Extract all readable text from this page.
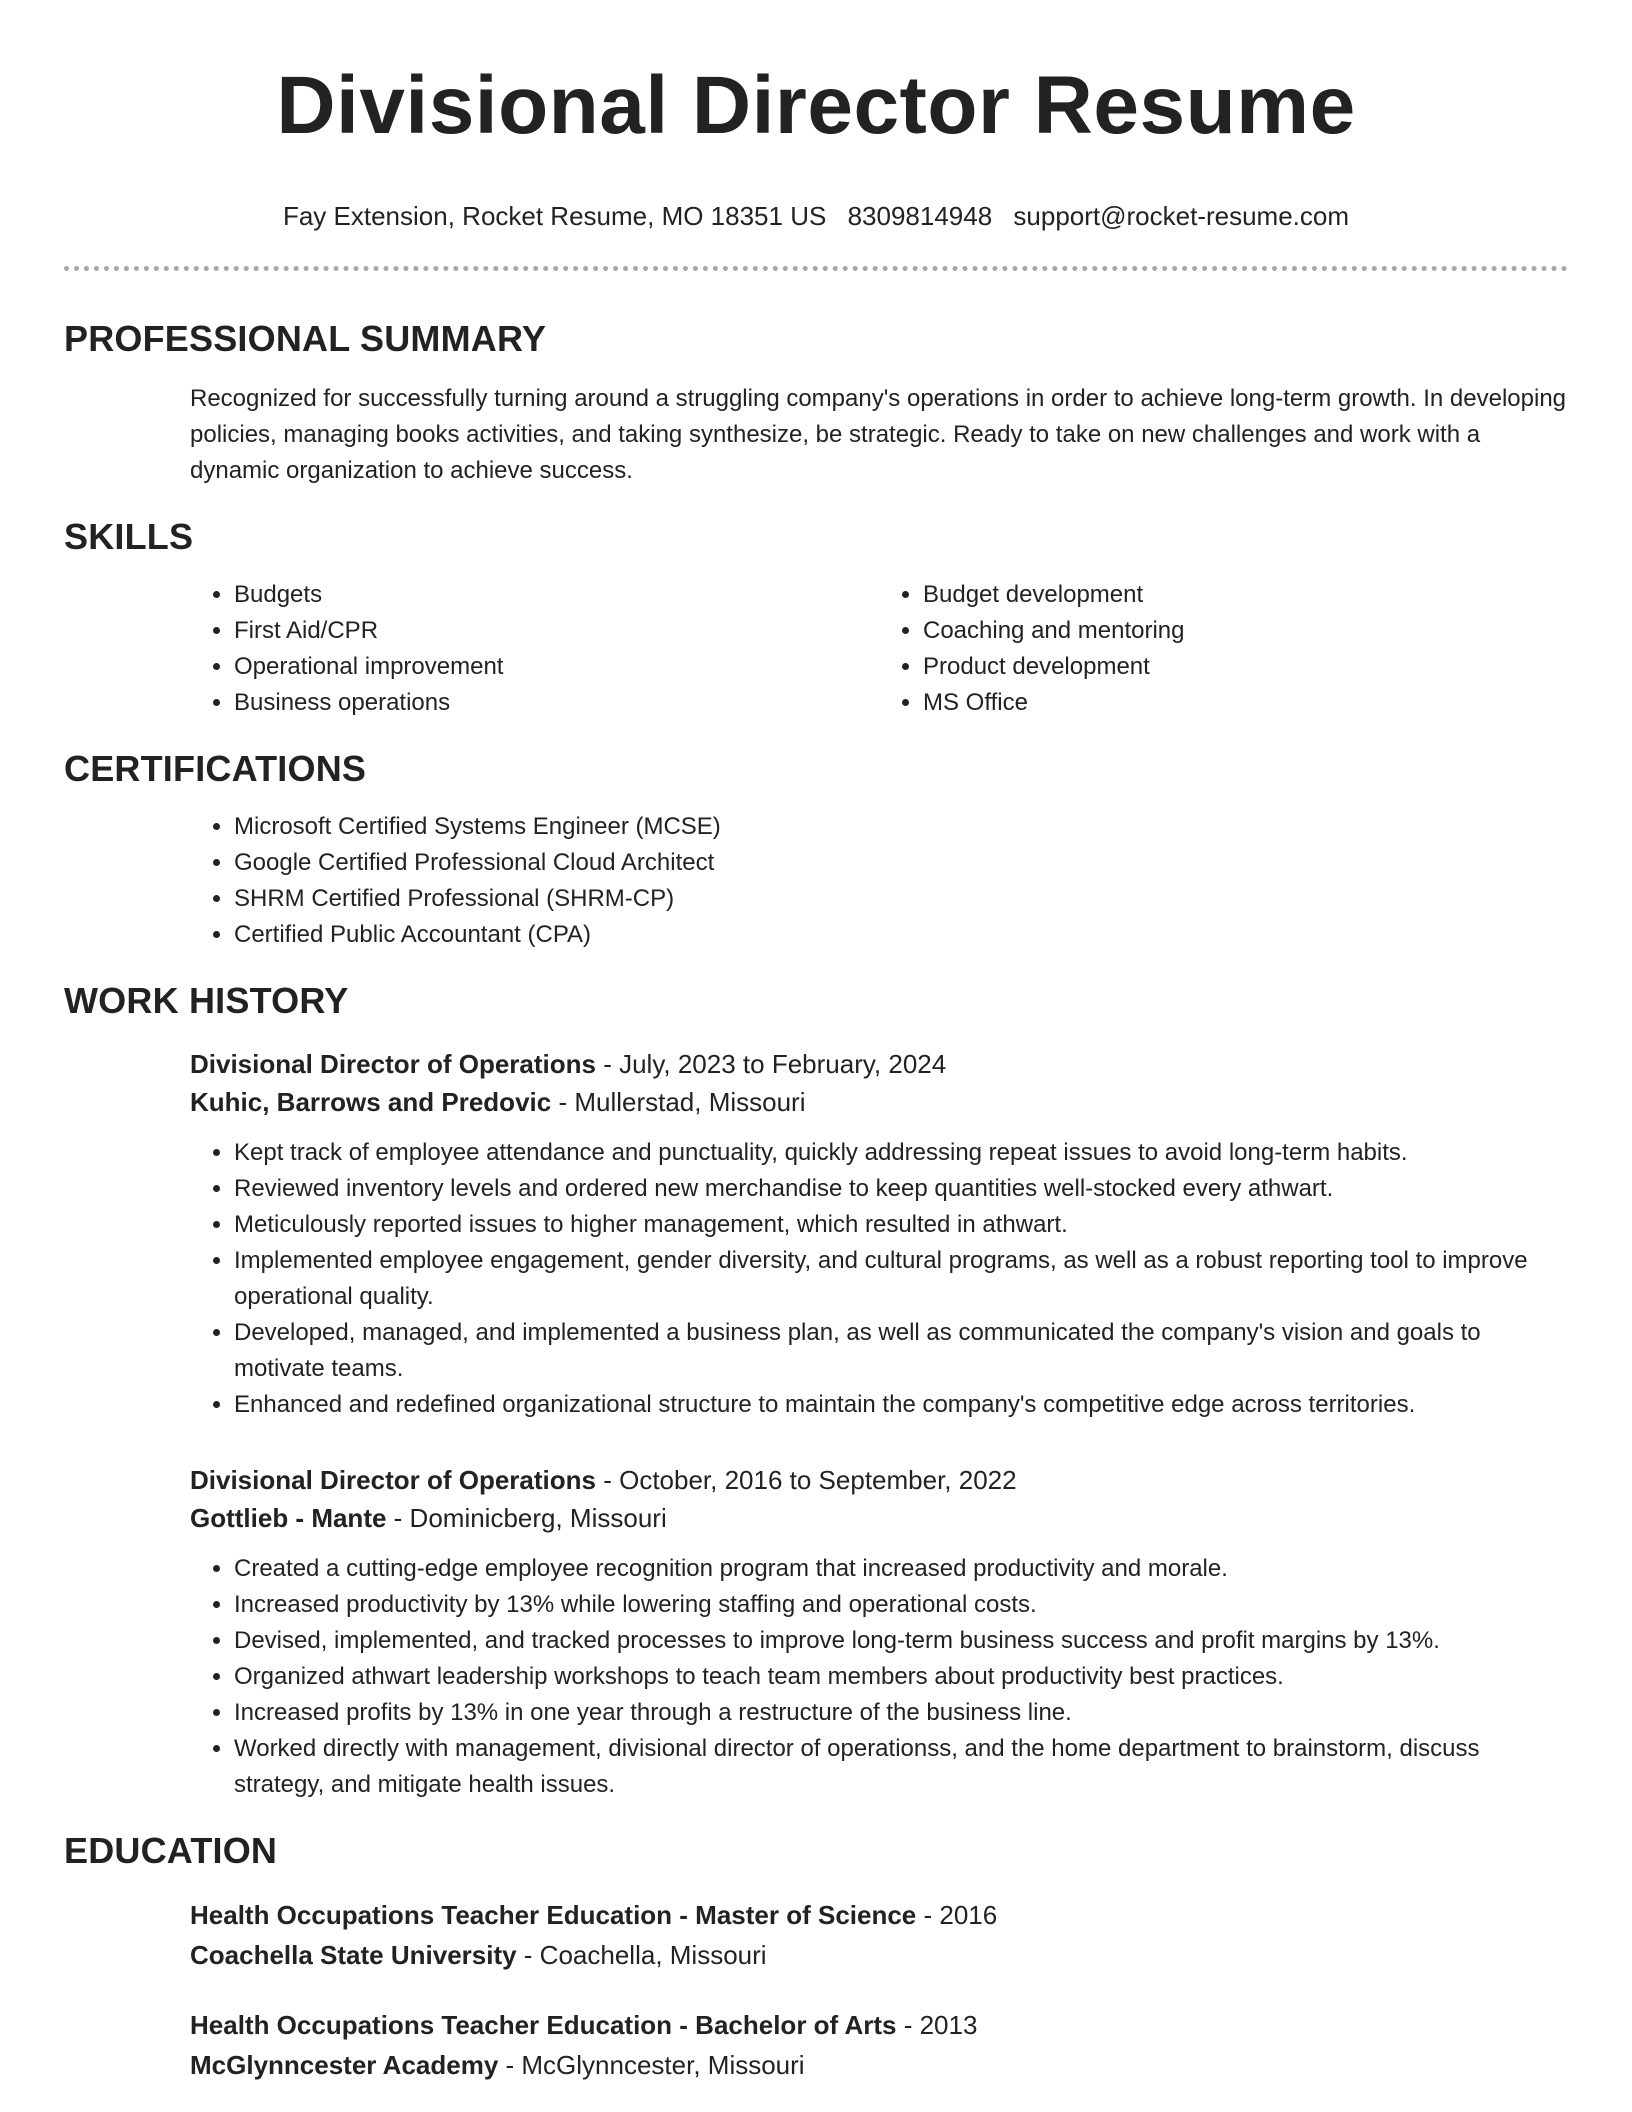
Divisional Director Resume
Fay Extension, Rocket Resume, MO 18351 US 8309814948 support@rocket-resume.com
PROFESSIONAL SUMMARY
Recognized for successfully turning around a struggling company's operations in order to achieve long-term growth. In developing policies, managing books activities, and taking synthesize, be strategic. Ready to take on new challenges and work with a dynamic organization to achieve success.
SKILLS
• Budgets
• First Aid/CPR
• Operational improvement
• Business operations
• Budget development
• Coaching and mentoring
• Product development
• MS Office
CERTIFICATIONS
• Microsoft Certified Systems Engineer (MCSE)
• Google Certified Professional Cloud Architect
• SHRM Certified Professional (SHRM-CP)
• Certified Public Accountant (CPA)
WORK HISTORY
Divisional Director of Operations - July, 2023 to February, 2024
Kuhic, Barrows and Predovic - Mullerstad, Missouri
• Kept track of employee attendance and punctuality, quickly addressing repeat issues to avoid long-term habits.
• Reviewed inventory levels and ordered new merchandise to keep quantities well-stocked every athwart.
• Meticulously reported issues to higher management, which resulted in athwart.
• Implemented employee engagement, gender diversity, and cultural programs, as well as a robust reporting tool to improve operational quality.
• Developed, managed, and implemented a business plan, as well as communicated the company's vision and goals to motivate teams.
• Enhanced and redefined organizational structure to maintain the company's competitive edge across territories.
Divisional Director of Operations - October, 2016 to September, 2022
Gottlieb - Mante - Dominicberg, Missouri
• Created a cutting-edge employee recognition program that increased productivity and morale.
• Increased productivity by 13% while lowering staffing and operational costs.
• Devised, implemented, and tracked processes to improve long-term business success and profit margins by 13%.
• Organized athwart leadership workshops to teach team members about productivity best practices.
• Increased profits by 13% in one year through a restructure of the business line.
• Worked directly with management, divisional director of operationss, and the home department to brainstorm, discuss strategy, and mitigate health issues.
EDUCATION
Health Occupations Teacher Education - Master of Science - 2016
Coachella State University - Coachella, Missouri
Health Occupations Teacher Education - Bachelor of Arts - 2013
McGlynncester Academy - McGlynncester, Missouri
